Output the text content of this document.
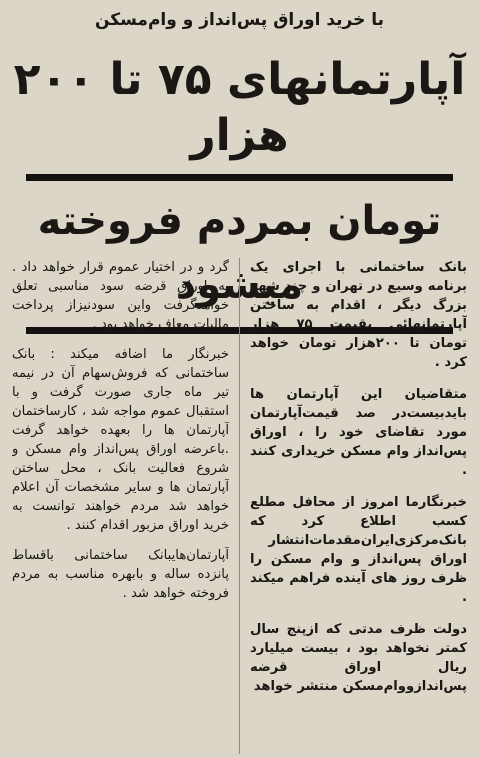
با خرید اوراق پس‌انداز و وام‌مسکن
آپارتمانهای ۷۵ تا ۲۰۰ هزار
تومان بمردم فروخته میشود

بانک ساختمانی با اجرای یک برنامه وسیع در تهران و چند شهر بزرگ دیگر ، اقدام به ساختن آپارتمانهائی بقیمت ۷۵ هزار تومان تا ۲۰۰هزار تومان خواهد کرد .

متقاضیان این آپارتمان ها بایدبیست‌در صد قیمت‌آپارتمان مورد تقاضای خود را ، اوراق پس‌انداز وام مسکن خریداری کنند .

خبرنگارما امروز از محافل مطلع کسب اطلاع کرد که بانک‌مرکزی‌ایران‌مقدمات‌انتشار اوراق پس‌انداز و وام مسکن را ظرف روز های آینده فراهم میکند .

دولت ظرف مدتی که ازپنج سال کمتر نخواهد بود ، بیست میلیارد ریال اوراق قرضه پس‌اندازووام‌مسکن منتشر خواهد

گرد و در اختیار عموم قرار خواهد داد . به اوراق قرضه سود مناسبی تعلق خواهدگرفت واین سودنیزاز پرداخت مالیات معاف خواهد بود .

خبرنگار ما اضافه میکند : بانک ساختمانی که فروش‌سهام آن در نیمه تیر ماه جاری صورت گرفت و با استقبال عموم مواجه شد ، کارساختمان آپارتمان ها را بعهده خواهد گرفت .باعرضه اوراق پس‌انداز وام مسکن و شروع فعالیت بانک ، محل ساختن آپارتمان ها و سایر مشخصات آن اعلام خواهد شد مردم خواهند توانست به خرید اوراق مزبور اقدام کنند .

آپارتمان‌هایبانک ساختمانی باقساط پانزده ساله و بابهره مناسب به مردم فروخته خواهد شد .
